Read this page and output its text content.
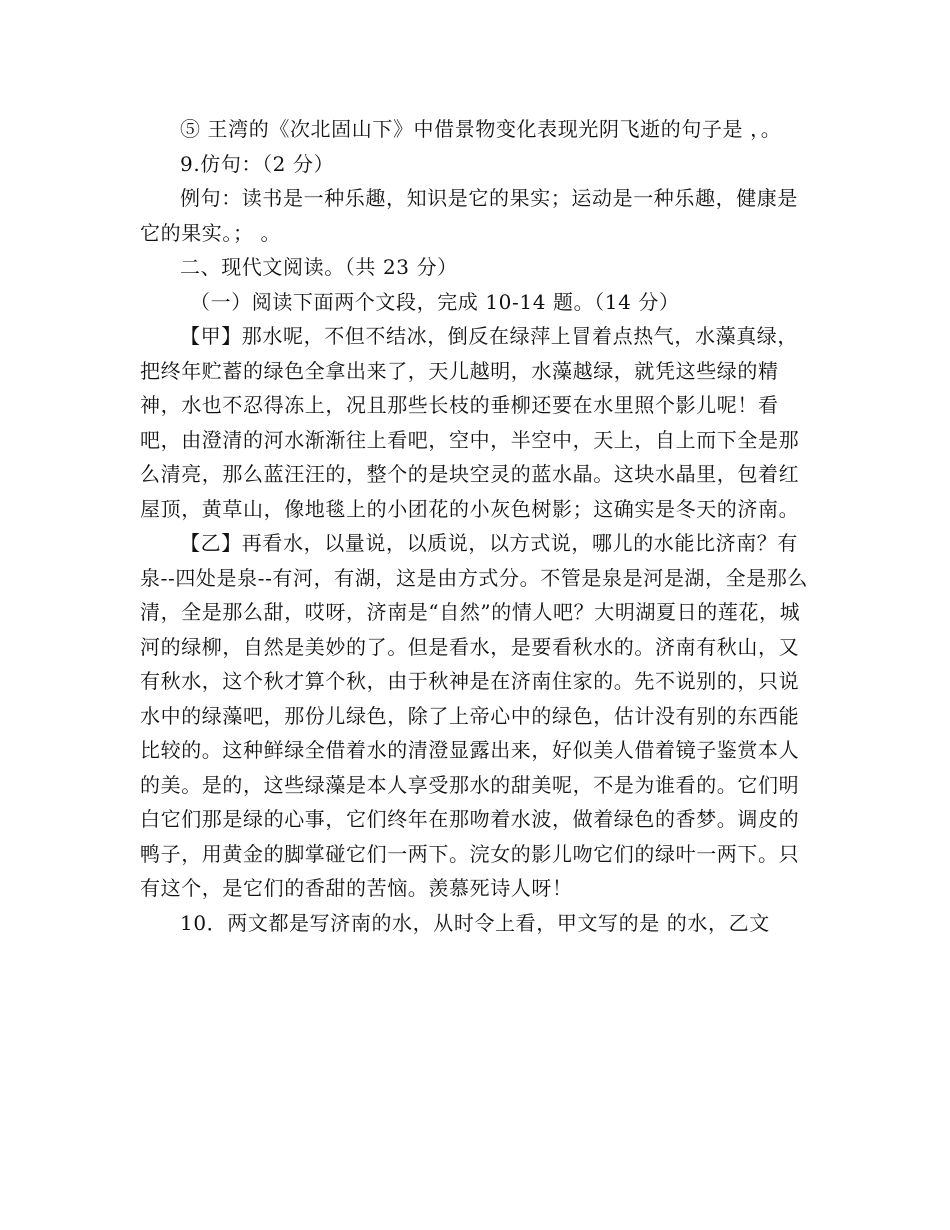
⑤ 王湾的《次北固山下》中借景物变化表现光阴飞逝的句子是 ，。

9.仿句：（2 分）

例句：读书是一种乐趣，知识是它的果实；运动是一种乐趣，健康是它的果实。； 。

二、现代文阅读。（共 23 分）

（一）阅读下面两个文段，完成 10-14 题。（14 分）

【甲】那水呢，不但不结冰，倒反在绿萍上冒着点热气，水藻真绿，把终年贮蓄的绿色全拿出来了，天儿越明，水藻越绿，就凭这些绿的精神，水也不忍得冻上，况且那些长枝的垂柳还要在水里照个影儿呢！看吧，由澄清的河水渐渐往上看吧，空中，半空中，天上，自上而下全是那么清亮，那么蓝汪汪的，整个的是块空灵的蓝水晶。这块水晶里，包着红屋顶，黄草山，像地毯上的小团花的小灰色树影；这确实是冬天的济南。

【乙】再看水，以量说，以质说，以方式说，哪儿的水能比济南？有泉--四处是泉--有河，有湖，这是由方式分。不管是泉是河是湖，全是那么清，全是那么甜，哎呀，济南是“自然”的情人吧？大明湖夏日的莲花，城河的绿柳，自然是美妙的了。但是看水，是要看秋水的。济南有秋山，又有秋水，这个秋才算个秋，由于秋神是在济南住家的。先不说别的，只说水中的绿藻吧，那份儿绿色，除了上帝心中的绿色，估计没有别的东西能比较的。这种鲜绿全借着水的清澄显露出来，好似美人借着镜子鉴赏本人的美。是的，这些绿藻是本人享受那水的甜美呢，不是为谁看的。它们明白它们那是绿的心事，它们终年在那吻着水波，做着绿色的香梦。调皮的鸭子，用黄金的脚掌碰它们一两下。浣女的影儿吻它们的绿叶一两下。只有这个，是它们的香甜的苦恼。羡慕死诗人呀！

10．两文都是写济南的水，从时令上看，甲文写的是 的水，乙文
